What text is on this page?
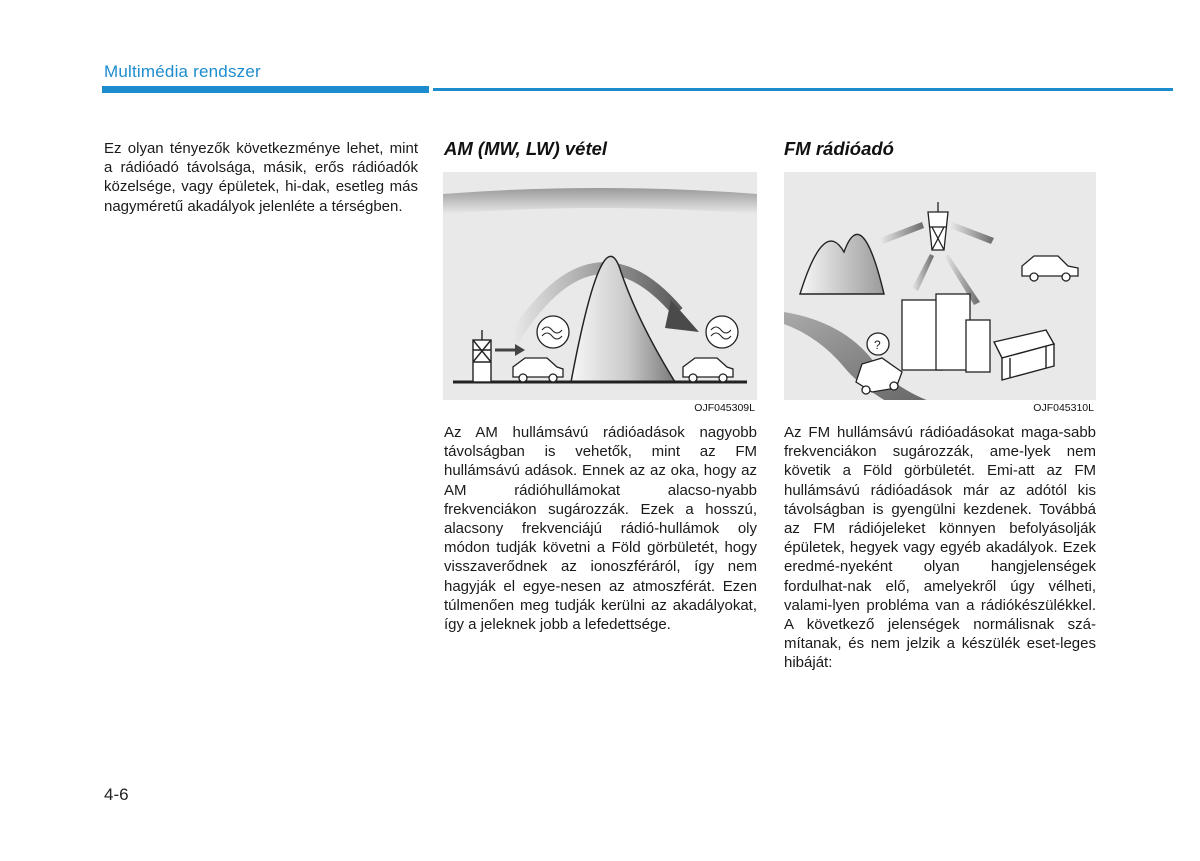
Multimédia rendszer
Ez olyan tényezők következménye lehet, mint a rádióadó távolsága, másik, erős rádióadók közelsége, vagy épületek, hi-dak, esetleg más nagyméretű akadályok jelenléte a térségben.
AM (MW, LW) vétel	FM rádióadó
OJF045309L
?
OJF045310L
Az AM hullámsávú rádióadások nagyobb távolságban is vehetők, mint az FM hullámsávú adások. Ennek az az oka, hogy az AM rádióhullámokat alacso-nyabb frekvenciákon sugározzák. Ezek a hosszú, alacsony frekvenciájú rádió-hullámok oly módon tudják követni a Föld görbületét, hogy visszaverődnek az ionoszféráról, így nem hagyják el egye-nesen az atmoszférát. Ezen túlmenően meg tudják kerülni az akadályokat, így a jeleknek jobb a lefedettsége.
Az FM hullámsávú rádióadásokat maga-sabb frekvenciákon sugározzák, ame-lyek nem követik a Föld görbületét. Emi-att az FM hullámsávú rádióadások már az adótól kis távolságban is gyengülni kezdenek. Továbbá az FM rádiójeleket könnyen befolyásolják épületek, hegyek vagy egyéb akadályok. Ezek eredmé-nyeként olyan hangjelenségek fordulhat-nak elő, amelyekről úgy vélheti, valami-lyen probléma van a rádiókészülékkel. A következő jelenségek normálisnak szá-mítanak, és nem jelzik a készülék eset-leges hibáját:
4-6
